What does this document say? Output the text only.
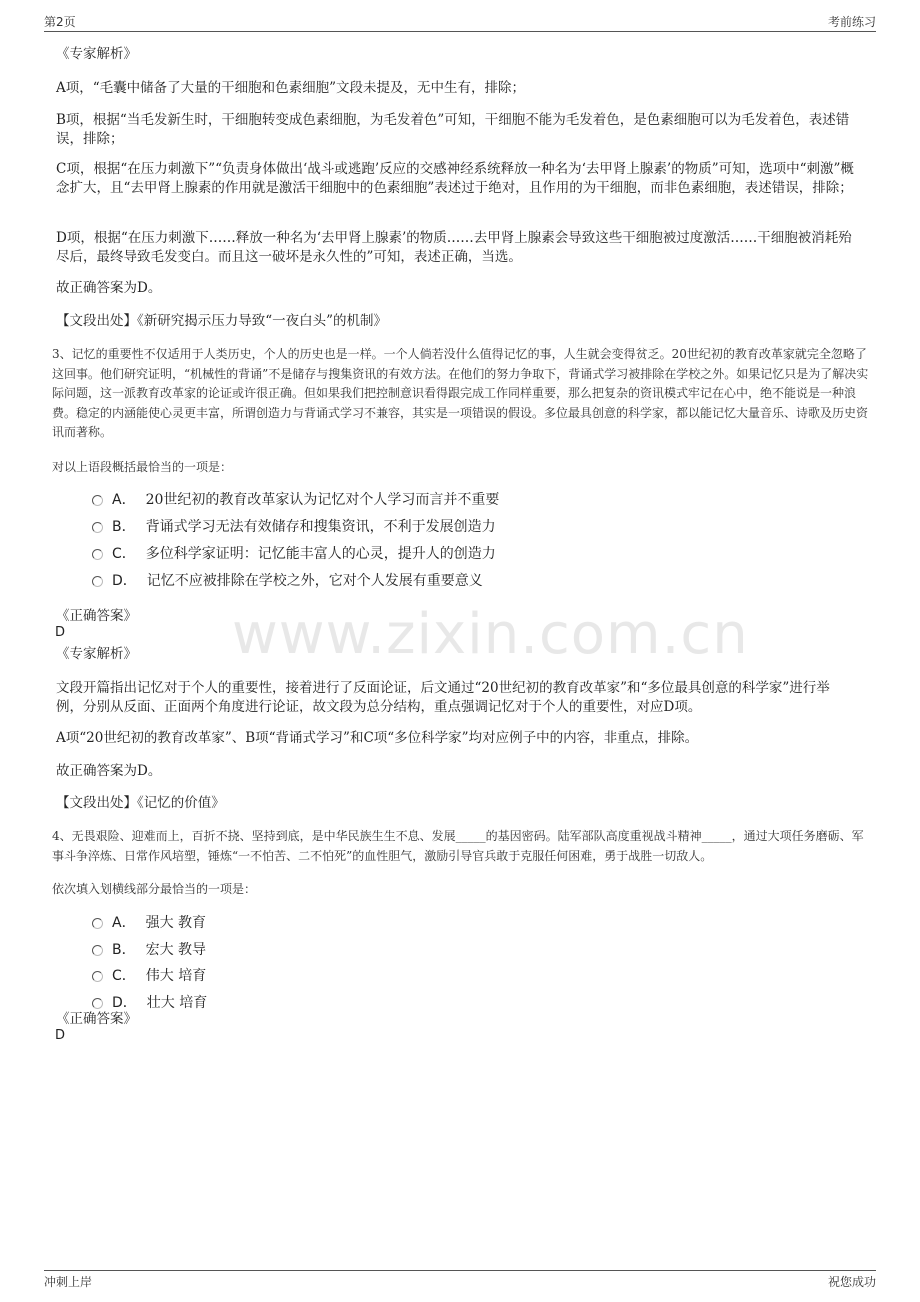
第2页	考前练习
www.zixin.com.cn
《专家解析》
A项，“毛囊中储备了大量的干细胞和色素细胞”文段未提及，无中生有，排除；
B项，根据“当毛发新生时，干细胞转变成色素细胞，为毛发着色”可知，干细胞不能为毛发着色，是色素细胞可以为毛发着色，表述错误，排除；
C项，根据“在压力刺激下”“负责身体做出‘战斗或逃跑’反应的交感神经系统释放一种名为‘去甲肾上腺素’的物质”可知，选项中“刺激”概念扩大，且“去甲肾上腺素的作用就是激活干细胞中的色素细胞”表述过于绝对，且作用的为干细胞，而非色素细胞，表述错误，排除；
D项，根据“在压力刺激下……释放一种名为‘去甲肾上腺素’的物质……去甲肾上腺素会导致这些干细胞被过度激活……干细胞被消耗殆尽后，最终导致毛发变白。而且这一破坏是永久性的”可知，表述正确，当选。
故正确答案为D。
【文段出处】《新研究揭示压力导致“一夜白头”的机制》
3、记忆的重要性不仅适用于人类历史，个人的历史也是一样。一个人倘若没什么值得记忆的事，人生就会变得贫乏。20世纪初的教育改革家就完全忽略了这回事。他们研究证明，“机械性的背诵”不是储存与搜集资讯的有效方法。在他们的努力争取下，背诵式学习被排除在学校之外。如果记忆只是为了解决实际问题，这一派教育改革家的论证或许很正确。但如果我们把控制意识看得跟完成工作同样重要，那么把复杂的资讯模式牢记在心中，绝不能说是一种浪费。稳定的内涵能使心灵更丰富，所谓创造力与背诵式学习不兼容，其实是一项错误的假设。多位最具创意的科学家，都以能记忆大量音乐、诗歌及历史资讯而著称。
对以上语段概括最恰当的一项是：
A． 20世纪初的教育改革家认为记忆对个人学习而言并不重要
B． 背诵式学习无法有效储存和搜集资讯，不利于发展创造力
C． 多位科学家证明：记忆能丰富人的心灵，提升人的创造力
D． 记忆不应被排除在学校之外，它对个人发展有重要意义
《正确答案》
D
《专家解析》
文段开篇指出记忆对于个人的重要性，接着进行了反面论证，后文通过“20世纪初的教育改革家”和“多位最具创意的科学家”进行举例，分别从反面、正面两个角度进行论证，故文段为总分结构，重点强调记忆对于个人的重要性，对应D项。
A项“20世纪初的教育改革家”、B项“背诵式学习”和C项“多位科学家”均对应例子中的内容，非重点，排除。
故正确答案为D。
【文段出处】《记忆的价值》
4、无畏艰险、迎难而上，百折不挠、坚持到底，是中华民族生生不息、发展_____的基因密码。陆军部队高度重视战斗精神_____，通过大项任务磨砺、军事斗争淬炼、日常作风培塑，锤炼“一不怕苦、二不怕死”的血性胆气，激励引导官兵敢于克服任何困难，勇于战胜一切敌人。
依次填入划横线部分最恰当的一项是：
A． 强大 教育
B． 宏大 教导
C． 伟大 培育
D． 壮大 培育
《正确答案》
D
冲刺上岸	祝您成功
